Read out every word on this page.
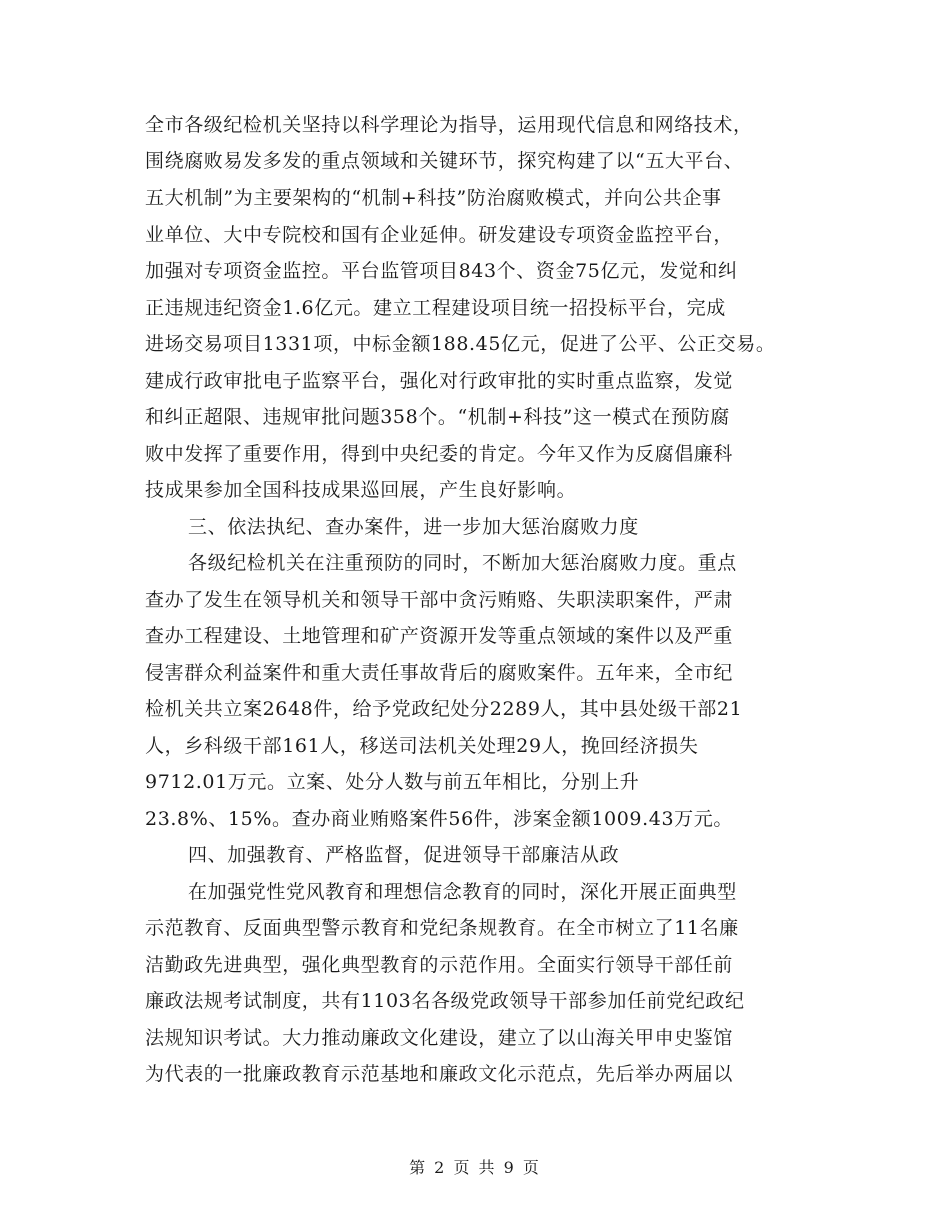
全市各级纪检机关坚持以科学理论为指导，运用现代信息和网络技术，
围绕腐败易发多发的重点领域和关键环节，探究构建了以“五大平台、
五大机制”为主要架构的“机制+科技”防治腐败模式，并向公共企事
业单位、大中专院校和国有企业延伸。研发建设专项资金监控平台，
加强对专项资金监控。平台监管项目843个、资金75亿元，发觉和纠
正违规违纪资金1.6亿元。建立工程建设项目统一招投标平台，完成
进场交易项目1331项，中标金额188.45亿元，促进了公平、公正交易。
建成行政审批电子监察平台，强化对行政审批的实时重点监察，发觉
和纠正超限、违规审批问题358个。“机制+科技”这一模式在预防腐
败中发挥了重要作用，得到中央纪委的肯定。今年又作为反腐倡廉科
技成果参加全国科技成果巡回展，产生良好影响。
三、依法执纪、查办案件，进一步加大惩治腐败力度
各级纪检机关在注重预防的同时，不断加大惩治腐败力度。重点
查办了发生在领导机关和领导干部中贪污贿赂、失职渎职案件，严肃
查办工程建设、土地管理和矿产资源开发等重点领域的案件以及严重
侵害群众利益案件和重大责任事故背后的腐败案件。五年来，全市纪
检机关共立案2648件，给予党政纪处分2289人，其中县处级干部21
人，乡科级干部161人，移送司法机关处理29人，挽回经济损失
9712.01万元。立案、处分人数与前五年相比，分别上升
23.8%、15%。查办商业贿赂案件56件，涉案金额1009.43万元。
四、加强教育、严格监督，促进领导干部廉洁从政
在加强党性党风教育和理想信念教育的同时，深化开展正面典型
示范教育、反面典型警示教育和党纪条规教育。在全市树立了11名廉
洁勤政先进典型，强化典型教育的示范作用。全面实行领导干部任前
廉政法规考试制度，共有1103名各级党政领导干部参加任前党纪政纪
法规知识考试。大力推动廉政文化建设，建立了以山海关甲申史鉴馆
为代表的一批廉政教育示范基地和廉政文化示范点，先后举办两届以
第 2 页 共 9 页
